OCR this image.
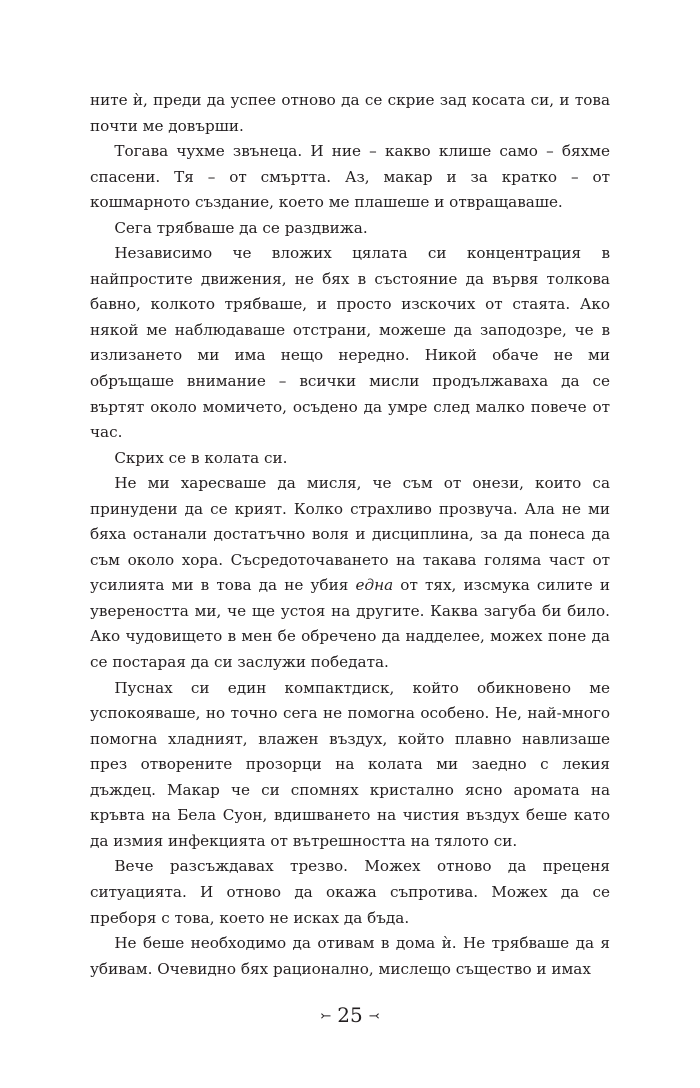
ните ѝ, преди да успее отново да се скрие зад косата си, и това почти ме довърши.

Тогава чухме звънеца. И ние – какво клише само – бяхме спасени. Тя – от смъртта. Аз, макар и за кратко – от кошмарното създание, което ме плашеше и отвращаваше.

Сега трябваше да се раздвижа.

Независимо че вложих цялата си концентрация в найпростите движения, не бях в състояние да вървя толкова бавно, колкото трябваше, и просто изскочих от стаята. Ако някой ме наблюдаваше отстрани, можеше да заподозре, че в излизането ми има нещо нередно. Никой обаче не ми обръщаше внимание – всички мисли продължаваха да се въртят около момичето, осъдено да умре след малко повече от час.

Скрих се в колата си.

Не ми харесваше да мисля, че съм от онези, които са принудени да се крият. Колко страхливо прозвуча. Ала не ми бяха останали достатъчно воля и дисциплина, за да понеса да съм около хора. Съсредоточаването на такава голяма част от усилията ми в това да не убия една от тях, изсмука силите и увереността ми, че ще устоя на другите. Каква загуба би било. Ако чудовището в мен бе обречено да надделее, можех поне да се постарая да си заслужи победата.

Пуснах си един компактдиск, който обикновено ме успокояваше, но точно сега не помогна особено. Не, най-много помогна хладният, влажен въздух, който плавно навлизаше през отворените прозорци на колата ми заедно с лекия дъждец. Макар че си спомнях кристално ясно аромата на кръвта на Бела Суон, вдишването на чистия въздух беше като да измия инфекцията от вътрешността на тялото си.

Вече разсъждавах трезво. Можех отново да преценя ситуацията. И отново да окажа съпротива. Можех да се преборя с това, което не исках да бъда.

Не беше необходимо да отивам в дома ѝ. Не трябваше да я убивам. Очевидно бях рационално, мислещо същество и имах

⤚ 25 ⤙
